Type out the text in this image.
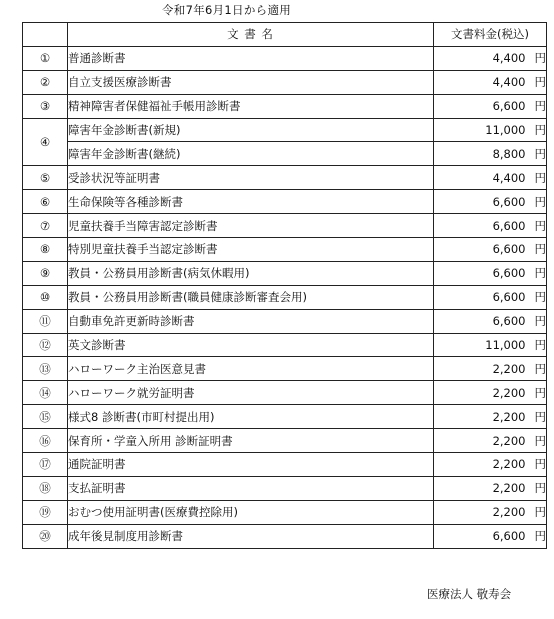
令和7年6月1日から適用
	文 書 名	文書料金(税込)
①	普通診断書	4,400 円
②	自立支援医療診断書	4,400 円
③	精神障害者保健福祉手帳用診断書	6,600 円
④	障害年金診断書(新規)	11,000 円
	障害年金診断書(継続)	8,800 円
⑤	受診状況等証明書	4,400 円
⑥	生命保険等各種診断書	6,600 円
⑦	児童扶養手当障害認定診断書	6,600 円
⑧	特別児童扶養手当認定診断書	6,600 円
⑨	教員・公務員用診断書(病気休暇用)	6,600 円
⑩	教員・公務員用診断書(職員健康診断審査会用)	6,600 円
⑪	自動車免許更新時診断書	6,600 円
⑫	英文診断書	11,000 円
⑬	ハローワーク主治医意見書	2,200 円
⑭	ハローワーク就労証明書	2,200 円
⑮	様式8 診断書(市町村提出用)	2,200 円
⑯	保育所・学童入所用 診断証明書	2,200 円
⑰	通院証明書	2,200 円
⑱	支払証明書	2,200 円
⑲	おむつ使用証明書(医療費控除用)	2,200 円
⑳	成年後見制度用診断書	6,600 円
医療法人 敬寿会
